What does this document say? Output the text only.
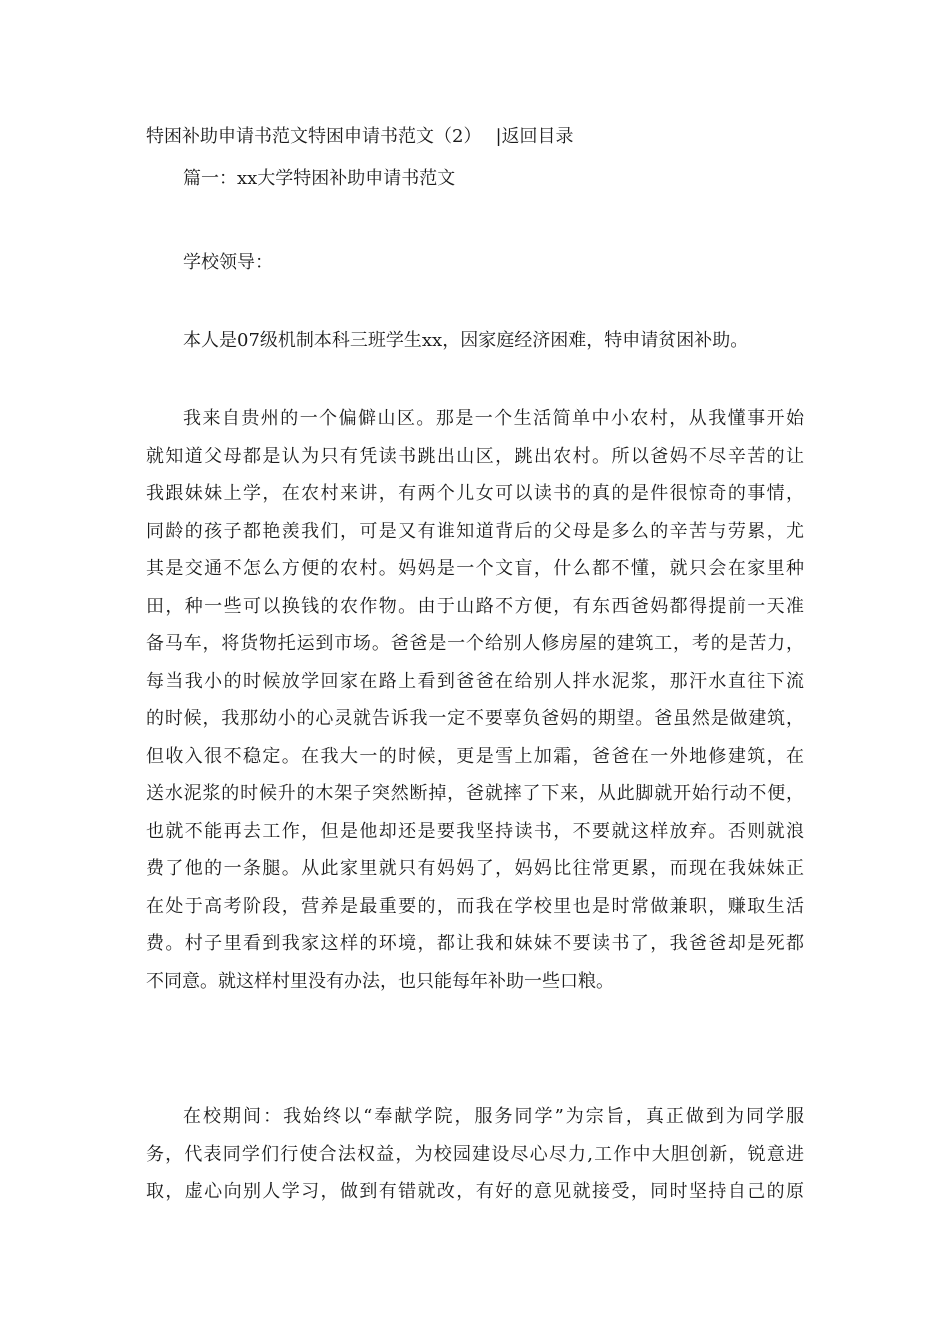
特困补助申请书范文特困申请书范文（2） |返回目录
篇一：xx大学特困补助申请书范文
学校领导：
本人是07级机制本科三班学生xx，因家庭经济困难，特申请贫困补助。
我来自贵州的一个偏僻山区。那是一个生活简单中小农村，从我懂事开始
就知道父母都是认为只有凭读书跳出山区，跳出农村。所以爸妈不尽辛苦的让
我跟妹妹上学，在农村来讲，有两个儿女可以读书的真的是件很惊奇的事情，
同龄的孩子都艳羡我们，可是又有谁知道背后的父母是多么的辛苦与劳累，尤
其是交通不怎么方便的农村。妈妈是一个文盲，什么都不懂，就只会在家里种
田，种一些可以换钱的农作物。由于山路不方便，有东西爸妈都得提前一天准
备马车，将货物托运到市场。爸爸是一个给别人修房屋的建筑工，考的是苦力，
每当我小的时候放学回家在路上看到爸爸在给别人拌水泥浆，那汗水直往下流
的时候，我那幼小的心灵就告诉我一定不要辜负爸妈的期望。爸虽然是做建筑，
但收入很不稳定。在我大一的时候，更是雪上加霜，爸爸在一外地修建筑，在
送水泥浆的时候升的木架子突然断掉，爸就摔了下来，从此脚就开始行动不便，
也就不能再去工作，但是他却还是要我坚持读书，不要就这样放弃。否则就浪
费了他的一条腿。从此家里就只有妈妈了，妈妈比往常更累，而现在我妹妹正
在处于高考阶段，营养是最重要的，而我在学校里也是时常做兼职，赚取生活
费。村子里看到我家这样的环境，都让我和妹妹不要读书了，我爸爸却是死都
不同意。就这样村里没有办法，也只能每年补助一些口粮。
在校期间：我始终以“奉献学院，服务同学”为宗旨，真正做到为同学服
务，代表同学们行使合法权益，为校园建设尽心尽力,工作中大胆创新，锐意进
取，虚心向别人学习，做到有错就改，有好的意见就接受，同时坚持自己的原
